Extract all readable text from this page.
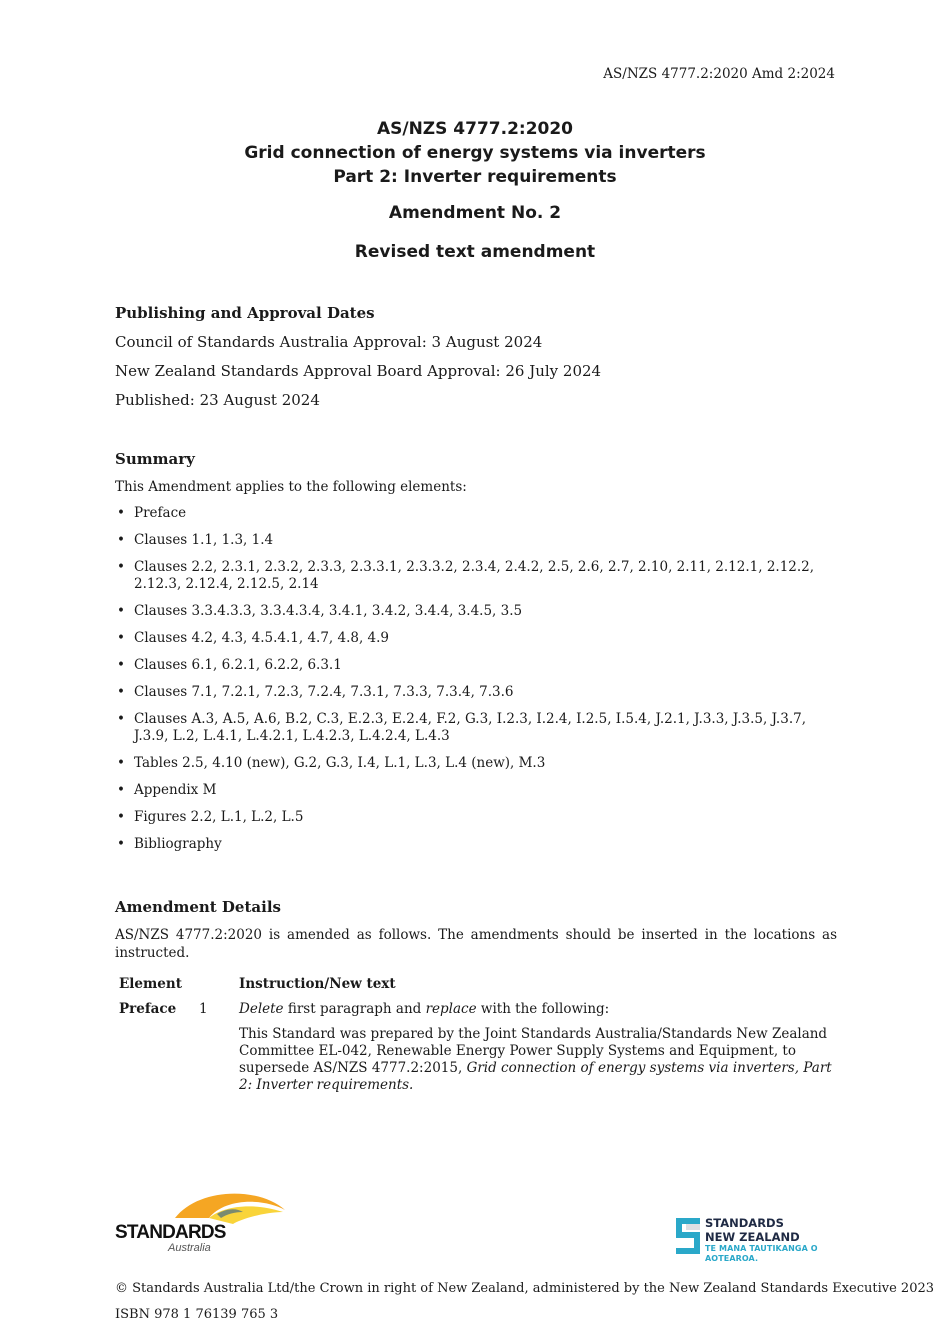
AS/NZS 4777.2:2020 Amd 2:2024
AS/NZS 4777.2:2020
Grid connection of energy systems via inverters
Part 2: Inverter requirements
Amendment No. 2
Revised text amendment
Publishing and Approval Dates
Council of Standards Australia Approval: 3 August 2024
New Zealand Standards Approval Board Approval: 26 July 2024
Published: 23 August 2024
Summary
This Amendment applies to the following elements:
• Preface
• Clauses 1.1, 1.3, 1.4
• Clauses 2.2, 2.3.1, 2.3.2, 2.3.3, 2.3.3.1, 2.3.3.2, 2.3.4, 2.4.2, 2.5, 2.6, 2.7, 2.10, 2.11, 2.12.1, 2.12.2, 2.12.3, 2.12.4, 2.12.5, 2.14
• Clauses 3.3.4.3.3, 3.3.4.3.4, 3.4.1, 3.4.2, 3.4.4, 3.4.5, 3.5
• Clauses 4.2, 4.3, 4.5.4.1, 4.7, 4.8, 4.9
• Clauses 6.1, 6.2.1, 6.2.2, 6.3.1
• Clauses 7.1, 7.2.1, 7.2.3, 7.2.4, 7.3.1, 7.3.3, 7.3.4, 7.3.6
• Clauses A.3, A.5, A.6, B.2, C.3, E.2.3, E.2.4, F.2, G.3, I.2.3, I.2.4, I.2.5, I.5.4, J.2.1, J.3.3, J.3.5, J.3.7, J.3.9, L.2, L.4.1, L.4.2.1, L.4.2.3, L.4.2.4, L.4.3
• Tables 2.5, 4.10 (new), G.2, G.3, I.4, L.1, L.3, L.4 (new), M.3
• Appendix M
• Figures 2.2, L.1, L.2, L.5
• Bibliography
Amendment Details
AS/NZS 4777.2:2020 is amended as follows. The amendments should be inserted in the locations as instructed.
Element	Instruction/New text
Preface 1 Delete first paragraph and replace with the following:
This Standard was prepared by the Joint Standards Australia/Standards New Zealand Committee EL-042, Renewable Energy Power Supply Systems and Equipment, to supersede AS/NZS 4777.2:2015, Grid connection of energy systems via inverters, Part 2: Inverter requirements.
STANDARDS
Australia
STANDARDS
NEW ZEALAND
TE MANA TAUTIKANGA O AOTEAROA.
© Standards Australia Ltd/the Crown in right of New Zealand, administered by the New Zealand Standards Executive 2023
ISBN 978 1 76139 765 3
